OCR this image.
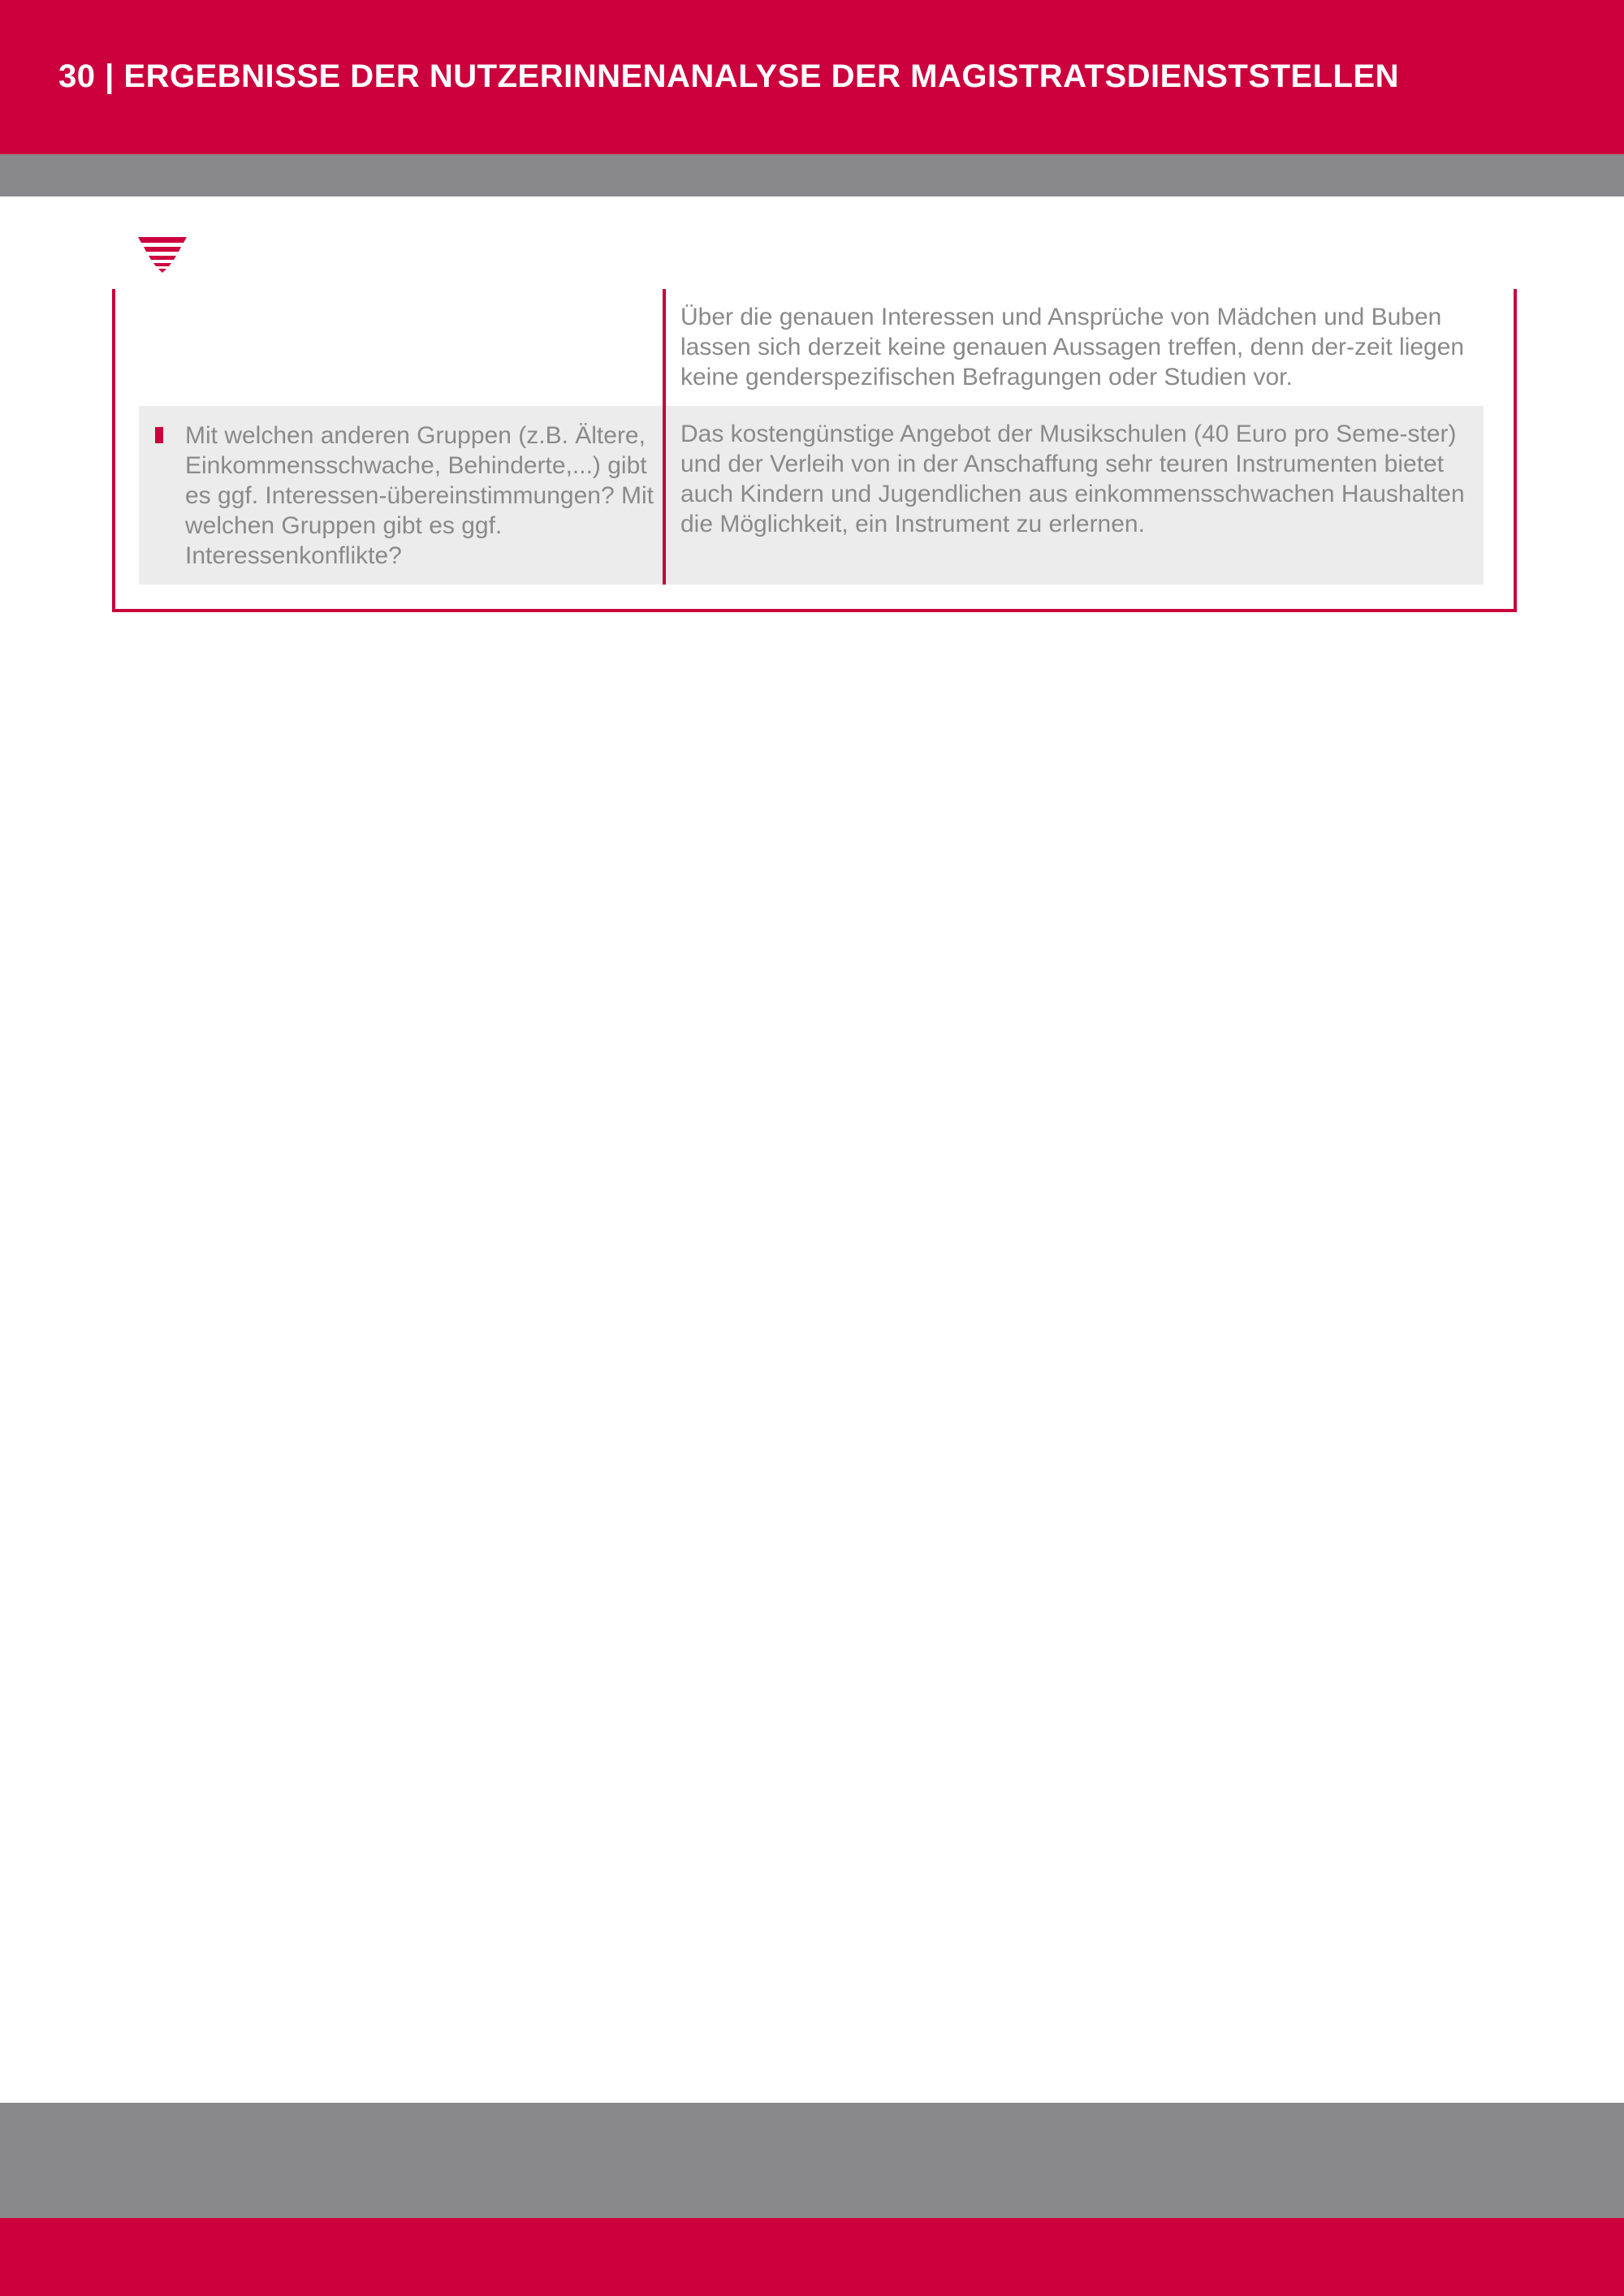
30 | ERGEBNISSE DER NUTZERINNENANALYSE DER MAGISTRATSDIENSTSTELLEN

Über die genauen Interessen und Ansprüche von Mädchen und Buben lassen sich derzeit keine genauen Aussagen treffen, denn der-zeit liegen keine genderspezifischen Befragungen oder Studien vor.

Mit welchen anderen Gruppen (z.B. Ältere, Einkommensschwache, Behinderte,...) gibt es ggf. Interessen-übereinstimmungen? Mit welchen Gruppen gibt es ggf. Interessenkonflikte?

Das kostengünstige Angebot der Musikschulen (40 Euro pro Seme-ster) und der Verleih von in der Anschaffung sehr teuren Instrumenten bietet auch Kindern und Jugendlichen aus einkommensschwachen Haushalten die Möglichkeit, ein Instrument zu erlernen.
